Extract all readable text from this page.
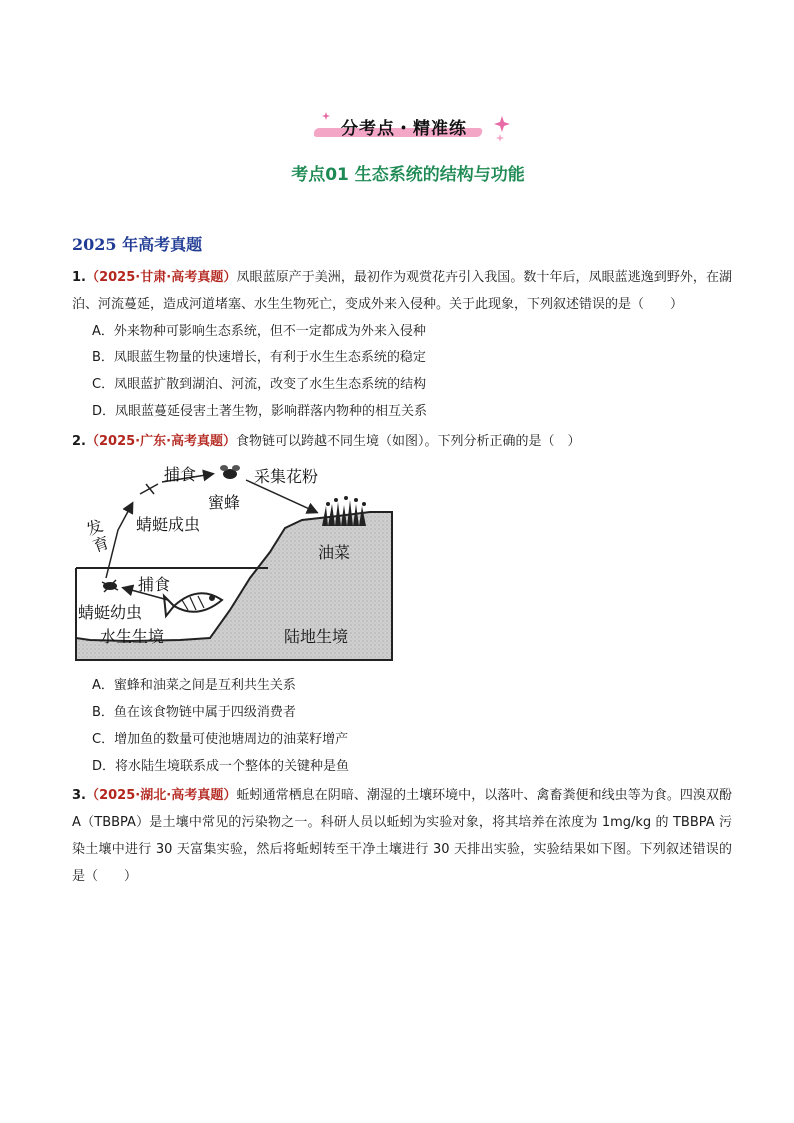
分考点・精准练
考点01 生态系统的结构与功能
2025 年高考真题
1.（2025·甘肃·高考真题）凤眼蓝原产于美洲，最初作为观赏花卉引入我国。数十年后，凤眼蓝逃逸到野外，在湖泊、河流蔓延，造成河道堵塞、水生生物死亡，变成外来入侵种。关于此现象，下列叙述错误的是（　　）
A．外来物种可影响生态系统，但不一定都成为外来入侵种
B．凤眼蓝生物量的快速增长，有利于水生生态系统的稳定
C．凤眼蓝扩散到湖泊、河流，改变了水生生态系统的结构
D．凤眼蓝蔓延侵害土著生物，影响群落内物种的相互关系
2.（2025·广东·高考真题）食物链可以跨越不同生境（如图）。下列分析正确的是（　）
捕食
蜜蜂
采集花粉
蜻蜓成虫
发育	油菜
捕食
蜻蜓幼虫
水生生境	陆地生境
A．蜜蜂和油菜之间是互利共生关系
B．鱼在该食物链中属于四级消费者
C．增加鱼的数量可使池塘周边的油菜籽增产
D．将水陆生境联系成一个整体的关键种是鱼
3.（2025·湖北·高考真题）蚯蚓通常栖息在阴暗、潮湿的土壤环境中，以落叶、禽畜粪便和线虫等为食。四溴双酚 A（TBBPA）是土壤中常见的污染物之一。科研人员以蚯蚓为实验对象，将其培养在浓度为 1mg/kg 的 TBBPA 污染土壤中进行 30 天富集实验，然后将蚯蚓转至干净土壤进行 30 天排出实验，实验结果如下图。下列叙述错误的是（　　）
